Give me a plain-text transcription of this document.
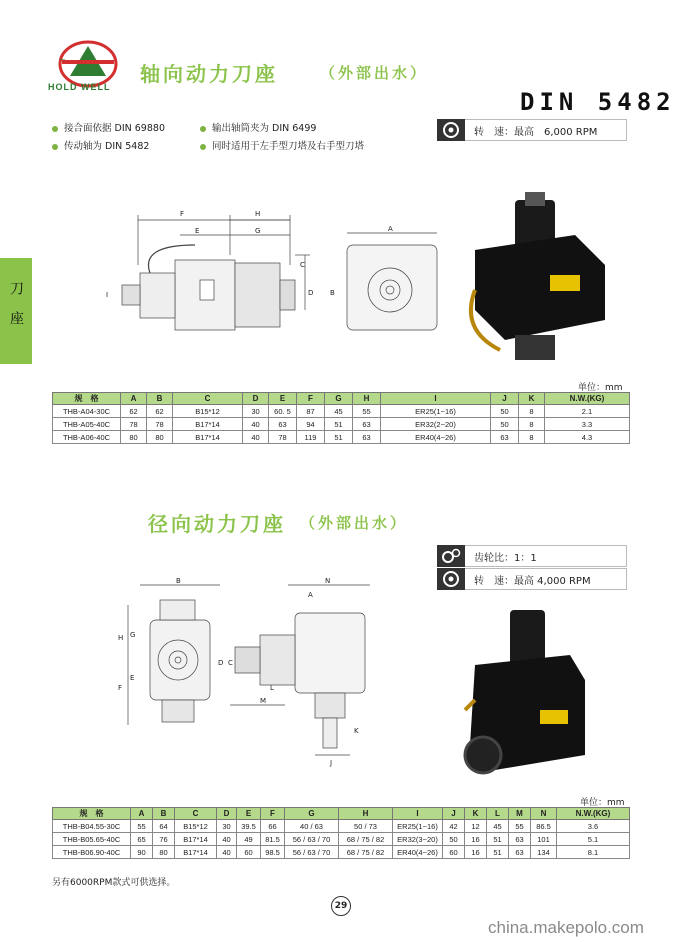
~
HOLD WELL
轴向动力刀座	（外部出水）
DIN 5482
接合面依据 DIN 69880	输出轴筒夹为 DIN 6499
传动轴为 DIN 5482	同时适用于左手型刀塔及右手型刀塔
转　速：最高　6,000 RPM
刀座
F	H
E	G	A
B
C
D
I
单位：mm
规　格	A	B	C	D	E	F	G	H	I	J	K	N.W.(KG)
THB-A04-30C	62	62	B15*12	30	60. 5	87	45	55	ER25(1~16)	50	8	2.1
THB-A05-40C	78	78	B17*14	40	63	94	51	63	ER32(2~20)	50	8	3.3
THB-A06-40C	80	80	B17*14	40	78	119	51	63	ER40(4~26)	63	8	4.3
径向动力刀座 （外部出水）
齿轮比：1：1
转　速：最高 4,000 RPM
B	N
A
H G
F
E
C
D
M
L
J
K
单位：mm
规　格	A	B	C	D	E	F	G	H	I	J	K	L	M	N	N.W.(KG)
THB-B04.55-30C	55	64	B15*12	30	39.5	66	40 / 63	50 / 73	ER25(1~16)	42	12	45	55	86.5	3.6
THB-B05.65-40C	65	76	B17*14	40	49	81.5	56 / 63 / 70	68 / 75 / 82	ER32(3~20)	50	16	51	63	101	5.1
THB-B06.90-40C	90	80	B17*14	40	60	98.5	56 / 63 / 70	68 / 75 / 82	ER40(4~26)	60	16	51	63	134	8.1
另有6000RPM款式可供选择。
29
china.makepolo.com
